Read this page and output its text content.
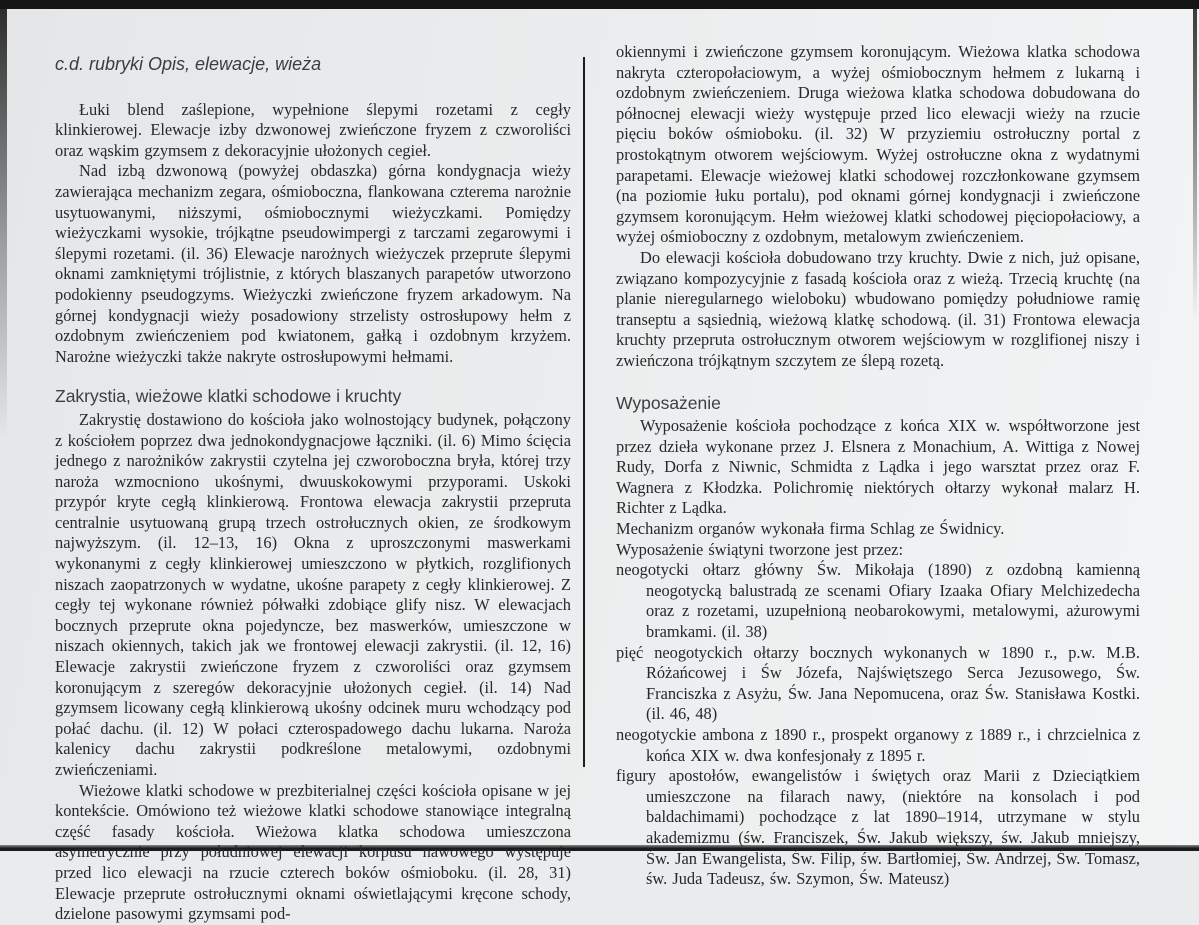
c.d. rubryki Opis, elewacje, wieża

Łuki blend zaślepione, wypełnione ślepymi rozetami z cegły klinkierowej. Elewacje izby dzwonowej zwieńczone fryzem z czworoliści oraz wąskim gzymsem z dekoracyjnie ułożonych cegieł.

Nad izbą dzwonową (powyżej obdaszka) górna kondygnacja wieży zawierająca mechanizm zegara, ośmioboczna, flankowana czterema narożnie usytuowanymi, niższymi, ośmiobocznymi wieżyczkami. Pomiędzy wieżyczkami wysokie, trójkątne pseudowimpergi z tarczami zegarowymi i ślepymi rozetami. (il. 36) Elewacje narożnych wieżyczek przeprute ślepymi oknami zamkniętymi trójlistnie, z których blaszanych parapetów utworzono podokienny pseudogzyms. Wieżyczki zwieńczone fryzem arkadowym. Na górnej kondygnacji wieży posadowiony strzelisty ostrosłupowy hełm z ozdobnym zwieńczeniem pod kwiatonem, gałką i ozdobnym krzyżem. Narożne wieżyczki także nakryte ostrosłupowymi hełmami.

Zakrystia, wieżowe klatki schodowe i kruchty

Zakrystię dostawiono do kościoła jako wolnostojący budynek, połączony z kościołem poprzez dwa jednokondygnacjowe łączniki. (il. 6) Mimo ścięcia jednego z narożników zakrystii czytelna jej czworoboczna bryła, której trzy naroża wzmocniono ukośnymi, dwuuskokowymi przyporami. Uskoki przypór kryte cegłą klinkierową. Frontowa elewacja zakrystii przepruta centralnie usytuowaną grupą trzech ostrołucznych okien, ze środkowym najwyższym. (il. 12–13, 16) Okna z uproszczonymi maswerkami wykonanymi z cegły klinkierowej umieszczono w płytkich, rozglifionych niszach zaopatrzonych w wydatne, ukośne parapety z cegły klinkierowej. Z cegły tej wykonane również półwałki zdobiące glify nisz. W elewacjach bocznych przeprute okna pojedyncze, bez maswerków, umieszczone w niszach okiennych, takich jak we frontowej elewacji zakrystii. (il. 12, 16) Elewacje zakrystii zwieńczone fryzem z czworoliści oraz gzymsem koronującym z szeregów dekoracyjnie ułożonych cegieł. (il. 14) Nad gzymsem licowany cegłą klinkierową ukośny odcinek muru wchodzący pod połać dachu. (il. 12) W połaci czterospadowego dachu lukarna. Naroża kalenicy dachu zakrystii podkreślone metalowymi, ozdobnymi zwieńczeniami.

Wieżowe klatki schodowe w prezbiterialnej części kościoła opisane w jej kontekście. Omówiono też wieżowe klatki schodowe stanowiące integralną część fasady kościoła. Wieżowa klatka schodowa umieszczona asymetrycznie przy południowej elewacji korpusu nawowego występuje przed lico elewacji na rzucie czterech boków ośmioboku. (il. 28, 31) Elewacje przeprute ostrołucznymi oknami oświetlającymi kręcone schody, dzielone pasowymi gzymsami pod-

okiennymi i zwieńczone gzymsem koronującym. Wieżowa klatka schodowa nakryta czteropołaciowym, a wyżej ośmiobocznym hełmem z lukarną i ozdobnym zwieńczeniem. Druga wieżowa klatka schodowa dobudowana do północnej elewacji wieży występuje przed lico elewacji wieży na rzucie pięciu boków ośmioboku. (il. 32) W przyziemiu ostrołuczny portal z prostokątnym otworem wejściowym. Wyżej ostrołuczne okna z wydatnymi parapetami. Elewacje wieżowej klatki schodowej rozczłonkowane gzymsem (na poziomie łuku portalu), pod oknami górnej kondygnacji i zwieńczone gzymsem koronującym. Hełm wieżowej klatki schodowej pięciopołaciowy, a wyżej ośmioboczny z ozdobnym, metalowym zwieńczeniem.

Do elewacji kościoła dobudowano trzy kruchty. Dwie z nich, już opisane, związano kompozycyjnie z fasadą kościoła oraz z wieżą. Trzecią kruchtę (na planie nieregularnego wieloboku) wbudowano pomiędzy południowe ramię transeptu a sąsiednią, wieżową klatkę schodową. (il. 31) Frontowa elewacja kruchty przepruta ostrołucznym otworem wejściowym w rozglifionej niszy i zwieńczona trójkątnym szczytem ze ślepą rozetą.

Wyposażenie

Wyposażenie kościoła pochodzące z końca XIX w. współtworzone jest przez dzieła wykonane przez J. Elsnera z Monachium, A. Wittiga z Nowej Rudy, Dorfa z Niwnic, Schmidta z Lądka i jego warsztat przez oraz F. Wagnera z Kłodzka. Polichromię niektórych ołtarzy wykonał malarz H. Richter z Lądka.

Mechanizm organów wykonała firma Schlag ze Świdnicy.

Wyposażenie świątyni tworzone jest przez:

neogotycki ołtarz główny Św. Mikołaja (1890) z ozdobną kamienną neogotycką balustradą ze scenami Ofiary Izaaka Ofiary Melchizedecha oraz z rozetami, uzupełnioną neobarokowymi, metalowymi, ażurowymi bramkami. (il. 38)

pięć neogotyckich ołtarzy bocznych wykonanych w 1890 r., p.w. M.B. Różańcowej i Św Józefa, Najświętszego Serca Jezusowego, Św. Franciszka z Asyżu, Św. Jana Nepomucena, oraz Św. Stanisława Kostki. (il. 46, 48)

neogotyckie ambona z 1890 r., prospekt organowy z 1889 r., i chrzcielnica z końca XIX w. dwa konfesjonały z 1895 r.

figury apostołów, ewangelistów i świętych oraz Marii z Dzieciątkiem umieszczone na filarach nawy, (niektóre na konsolach i pod baldachimami) pochodzące z lat 1890–1914, utrzymane w stylu akademizmu (św. Franciszek, Św. Jakub większy, św. Jakub mniejszy, Św. Jan Ewangelista, Św. Filip, św. Bartłomiej, Św. Andrzej, Św. Tomasz, św. Juda Tadeusz, św. Szymon, Św. Mateusz)
